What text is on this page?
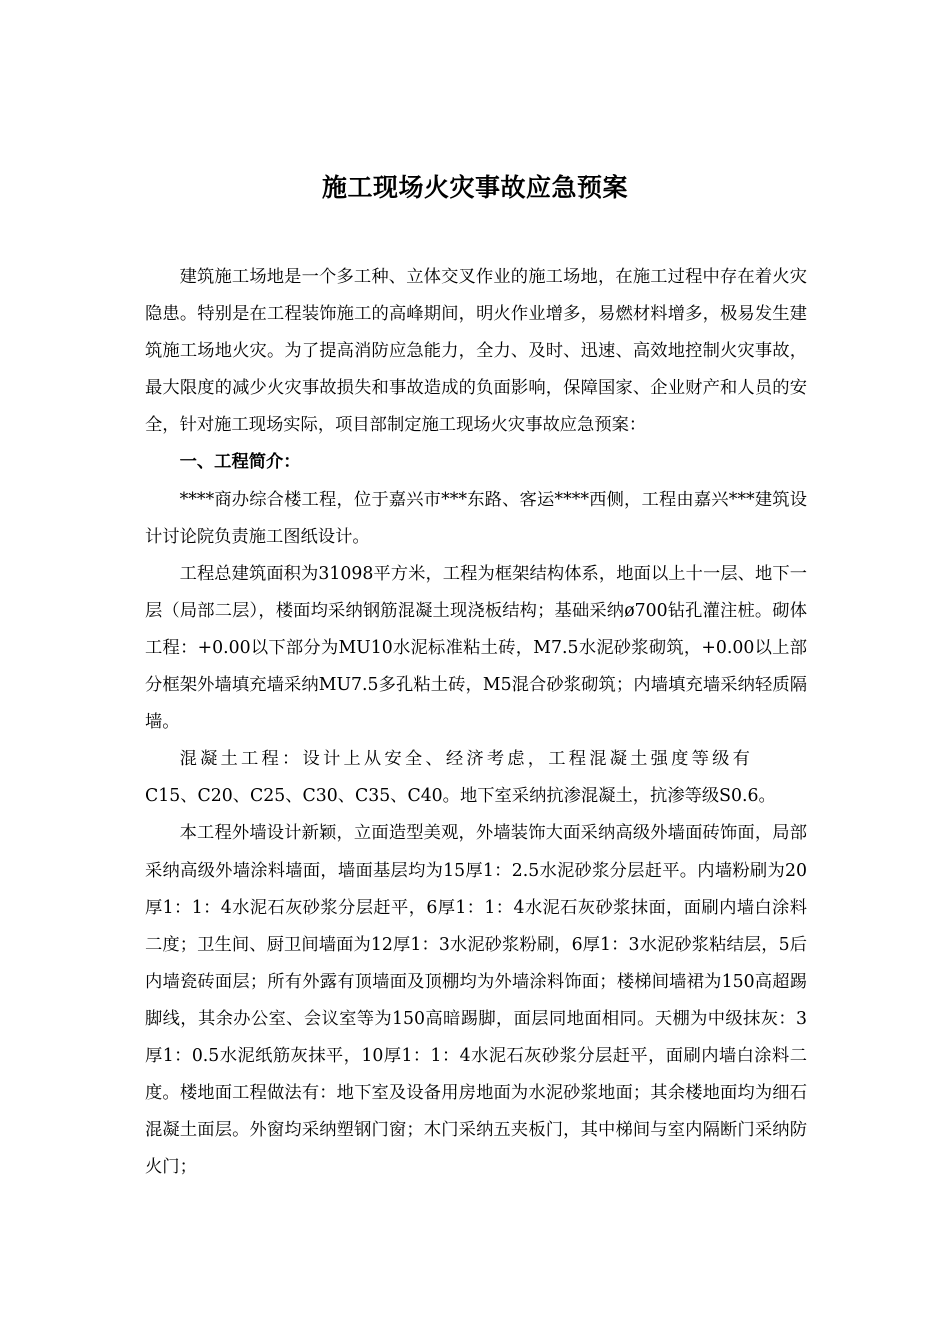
施工现场火灾事故应急预案

建筑施工场地是一个多工种、立体交叉作业的施工场地，在施工过程中存在着火灾隐患。特别是在工程装饰施工的高峰期间，明火作业增多，易燃材料增多，极易发生建筑施工场地火灾。为了提高消防应急能力，全力、及时、迅速、高效地控制火灾事故，最大限度的减少火灾事故损失和事故造成的负面影响，保障国家、企业财产和人员的安全，针对施工现场实际，项目部制定施工现场火灾事故应急预案：

一、工程简介：

****商办综合楼工程，位于嘉兴市***东路、客运****西侧，工程由嘉兴***建筑设计讨论院负责施工图纸设计。

工程总建筑面积为31098平方米，工程为框架结构体系，地面以上十一层、地下一层（局部二层），楼面均采纳钢筋混凝土现浇板结构；基础采纳ø700钻孔灌注桩。砌体工程：+0.00以下部分为MU10水泥标准粘土砖，M7.5水泥砂浆砌筑，+0.00以上部分框架外墙填充墙采纳MU7.5多孔粘土砖，M5混合砂浆砌筑；内墙填充墙采纳轻质隔墙。

混凝土工程：设计上从安全、经济考虑，工程混凝土强度等级有

C15、C20、C25、C30、C35、C40。地下室采纳抗渗混凝土，抗渗等级S0.6。

本工程外墙设计新颖，立面造型美观，外墙装饰大面采纳高级外墙面砖饰面，局部采纳高级外墙涂料墙面，墙面基层均为15厚1：2.5水泥砂浆分层赶平。内墙粉刷为20厚1：1：4水泥石灰砂浆分层赶平，6厚1：1：4水泥石灰砂浆抹面，面刷内墙白涂料二度；卫生间、厨卫间墙面为12厚1：3水泥砂浆粉刷，6厚1：3水泥砂浆粘结层，5后内墙瓷砖面层；所有外露有顶墙面及顶棚均为外墙涂料饰面；楼梯间墙裙为150高超踢脚线，其余办公室、会议室等为150高暗踢脚，面层同地面相同。天棚为中级抹灰：3厚1：0.5水泥纸筋灰抹平，10厚1：1：4水泥石灰砂浆分层赶平，面刷内墙白涂料二度。楼地面工程做法有：地下室及设备用房地面为水泥砂浆地面；其余楼地面均为细石混凝土面层。外窗均采纳塑钢门窗；木门采纳五夹板门，其中梯间与室内隔断门采纳防火门；
